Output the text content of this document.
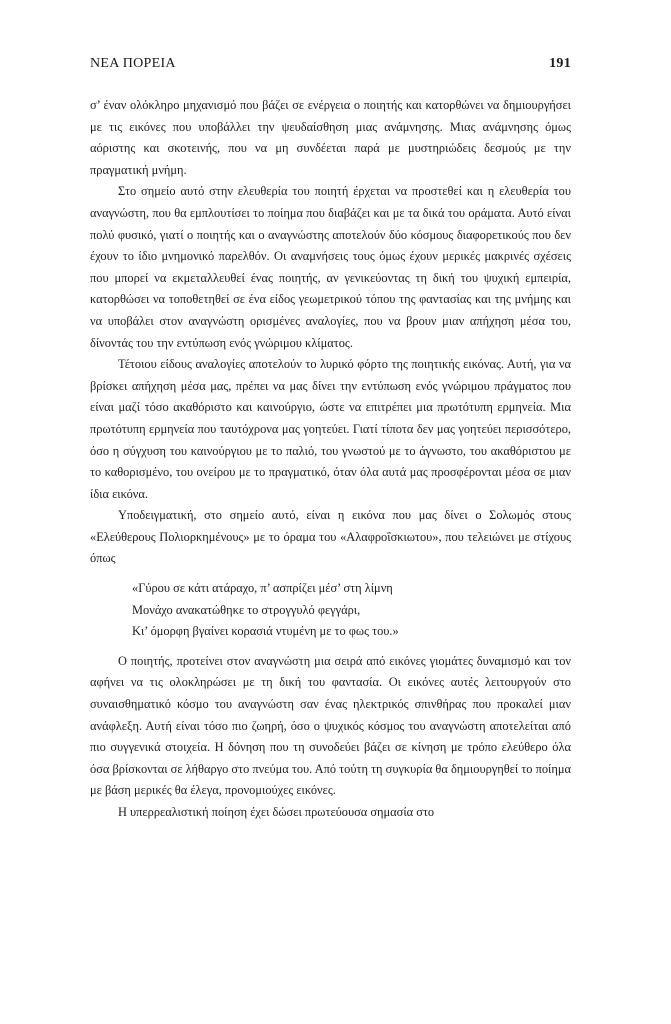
ΝΕΑ ΠΟΡΕΙΑ	191

σ’ έναν ολόκληρο μηχανισμό που βάζει σε ενέργεια ο ποιητής και κατορθώνει να δημιουργήσει με τις εικόνες που υποβάλλει την ψευδαίσθηση μιας ανάμνησης. Μιας ανάμνησης όμως αόριστης και σκοτεινής, που να μη συνδέεται παρά με μυστηριώδεις δεσμούς με την πραγματική μνήμη.

Στο σημείο αυτό στην ελευθερία του ποιητή έρχεται να προστεθεί και η ελευθερία του αναγνώστη, που θα εμπλουτίσει το ποίημα που διαβάζει και με τα δικά του οράματα. Αυτό είναι πολύ φυσικό, γιατί ο ποιητής και ο αναγνώστης αποτελούν δύο κόσμους διαφορετικούς που δεν έχουν το ίδιο μνημονικό παρελθόν. Οι αναμνήσεις τους όμως έχουν μερικές μακρινές σχέσεις που μπορεί να εκμεταλλευθεί ένας ποιητής, αν γενικεύοντας τη δική του ψυχική εμπειρία, κατορθώσει να τοποθετηθεί σε ένα είδος γεωμετρικού τόπου της φαντασίας και της μνήμης και να υποβάλει στον αναγνώστη ορισμένες αναλογίες, που να βρουν μιαν απήχηση μέσα του, δίνοντάς του την εντύπωση ενός γνώριμου κλίματος.

Τέτοιου είδους αναλογίες αποτελούν το λυρικό φόρτο της ποιητικής εικόνας. Αυτή, για να βρίσκει απήχηση μέσα μας, πρέπει να μας δίνει την εντύπωση ενός γνώριμου πράγματος που είναι μαζί τόσο ακαθόριστο και καινούργιο, ώστε να επιτρέπει μια πρωτότυπη ερμηνεία. Μια πρωτότυπη ερμηνεία που ταυτόχρονα μας γοητεύει. Γιατί τίποτα δεν μας γοητεύει περισσότερο, όσο η σύγχυση του καινούργιου με το παλιό, του γνωστού με το άγνωστο, του ακαθόριστου με το καθορισμένο, του ονείρου με το πραγματικό, όταν όλα αυτά μας προσφέρονται μέσα σε μιαν ίδια εικόνα.

Υποδειγματική, στο σημείο αυτό, είναι η εικόνα που μας δίνει ο Σολωμός στους «Ελεύθερους Πολιορκημένους» με το όραμα του «Αλαφροΐσκιωτου», που τελειώνει με στίχους όπως

«Γύρου σε κάτι ατάραχο, π’ ασπρίζει μέσ’ στη λίμνη
Μονάχο ανακατώθηκε το στρογγυλό φεγγάρι,
Κι’ όμορφη βγαίνει κορασιά ντυμένη με το φως του.»

Ο ποιητής, προτείνει στον αναγνώστη μια σειρά από εικόνες γιομάτες δυναμισμό και τον αφήνει να τις ολοκληρώσει με τη δική του φαντασία. Οι εικόνες αυτές λειτουργούν στο συναισθηματικό κόσμο του αναγνώστη σαν ένας ηλεκτρικός σπινθήρας που προκαλεί μιαν ανάφλεξη. Αυτή είναι τόσο πιο ζωηρή, όσο ο ψυχικός κόσμος του αναγνώστη αποτελείται από πιο συγγενικά στοιχεία. Η δόνηση που τη συνοδεύει βάζει σε κίνηση με τρόπο ελεύθερο όλα όσα βρίσκονται σε λήθαργο στο πνεύμα του. Από τούτη τη συγκυρία θα δημιουργηθεί το ποίημα με βάση μερικές θα έλεγα, προνομιούχες εικόνες.

Η υπερρεαλιστική ποίηση έχει δώσει πρωτεύουσα σημασία στο
